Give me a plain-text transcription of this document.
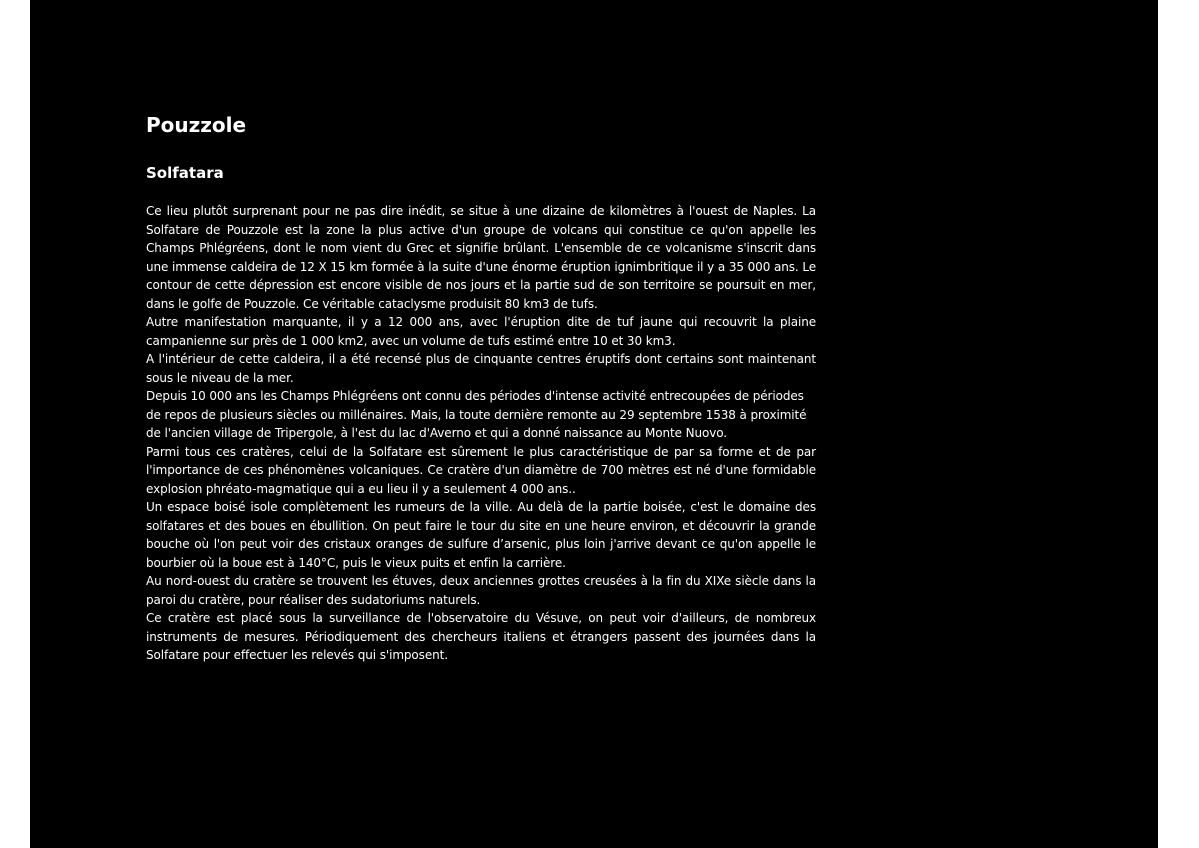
Pouzzole
Solfatara

Ce lieu plutôt surprenant pour ne pas dire inédit, se situe à une dizaine de kilomètres à l'ouest de Naples. La Solfatare de Pouzzole est la zone la plus active d'un groupe de volcans qui constitue ce qu'on appelle les Champs Phlégréens, dont le nom vient du Grec et signifie brûlant. L'ensemble de ce volcanisme s'inscrit dans une immense caldeira de 12 X 15 km formée à la suite d'une énorme éruption ignimbritique il y a 35 000 ans. Le contour de cette dépression est encore visible de nos jours et la partie sud de son territoire se poursuit en mer, dans le golfe de Pouzzole. Ce véritable cataclysme produisit 80 km3 de tufs.

Autre manifestation marquante, il y a 12 000 ans, avec l'éruption dite de tuf jaune qui recouvrit la plaine campanienne sur près de 1 000 km2, avec un volume de tufs estimé entre 10 et 30 km3.

A l'intérieur de cette caldeira, il a été recensé plus de cinquante centres éruptifs dont certains sont maintenant sous le niveau de la mer.

Depuis 10 000 ans les Champs Phlégréens ont connu des périodes d'intense activité entrecoupées de périodes de repos de plusieurs siècles ou millénaires. Mais, la toute dernière remonte au 29 septembre 1538 à proximité de l'ancien village de Tripergole, à l'est du lac d'Averno et qui a donné naissance au Monte Nuovo.

Parmi tous ces cratères, celui de la Solfatare est sûrement le plus caractéristique de par sa forme et de par l'importance de ces phénomènes volcaniques. Ce cratère d'un diamètre de 700 mètres est né d'une formidable explosion phréato-magmatique qui a eu lieu il y a seulement 4 000 ans..

Un espace boisé isole complètement les rumeurs de la ville. Au delà de la partie boisée, c'est le domaine des solfatares et des boues en ébullition. On peut faire le tour du site en une heure environ, et découvrir la grande bouche où l'on peut voir des cristaux oranges de sulfure d’arsenic, plus loin j'arrive devant ce qu'on appelle le bourbier où la boue est à 140°C, puis le vieux puits et enfin la carrière.

Au nord-ouest du cratère se trouvent les étuves, deux anciennes grottes creusées à la fin du XIXe siècle dans la paroi du cratère, pour réaliser des sudatoriums naturels.

Ce cratère est placé sous la surveillance de l'observatoire du Vésuve, on peut voir d'ailleurs, de nombreux instruments de mesures. Périodiquement des chercheurs italiens et étrangers passent des journées dans la Solfatare pour effectuer les relevés qui s'imposent.
